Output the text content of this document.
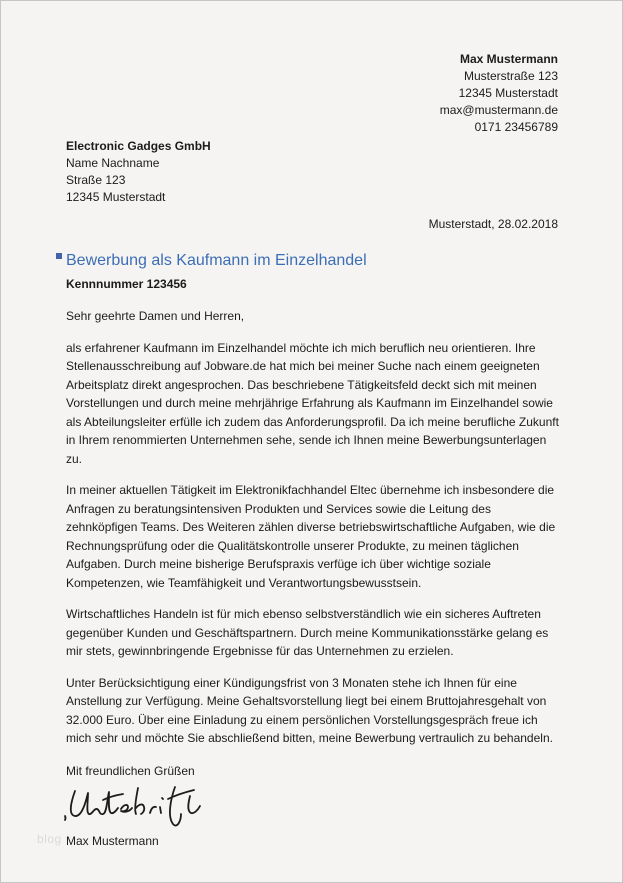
Max Mustermann
Musterstraße 123
12345 Musterstadt
max@mustermann.de
0171 23456789
Electronic Gadges GmbH
Name Nachname
Straße 123
12345 Musterstadt
Musterstadt, 28.02.2018
Bewerbung als Kaufmann im Einzelhandel
Kennnummer 123456

Sehr geehrte Damen und Herren,

als erfahrener Kaufmann im Einzelhandel möchte ich mich beruflich neu orientieren. Ihre Stellenausschreibung auf Jobware.de hat mich bei meiner Suche nach einem geeigneten Arbeitsplatz direkt angesprochen. Das beschriebene Tätigkeitsfeld deckt sich mit meinen Vorstellungen und durch meine mehrjährige Erfahrung als Kaufmann im Einzelhandel sowie als Abteilungsleiter erfülle ich zudem das Anforderungsprofil. Da ich meine berufliche Zukunft in Ihrem renommierten Unternehmen sehe, sende ich Ihnen meine Bewerbungsunterlagen zu.

In meiner aktuellen Tätigkeit im Elektronikfachhandel Eltec übernehme ich insbesondere die Anfragen zu beratungsintensiven Produkten und Services sowie die Leitung des zehnköpfigen Teams. Des Weiteren zählen diverse betriebswirtschaftliche Aufgaben, wie die Rechnungsprüfung oder die Qualitätskontrolle unserer Produkte, zu meinen täglichen Aufgaben. Durch meine bisherige Berufspraxis verfüge ich über wichtige soziale Kompetenzen, wie Teamfähigkeit und Verantwortungsbewusstsein.

Wirtschaftliches Handeln ist für mich ebenso selbstverständlich wie ein sicheres Auftreten gegenüber Kunden und Geschäftspartnern. Durch meine Kommunikationsstärke gelang es mir stets, gewinnbringende Ergebnisse für das Unternehmen zu erzielen.

Unter Berücksichtigung einer Kündigungsfrist von 3 Monaten stehe ich Ihnen für eine Anstellung zur Verfügung. Meine Gehaltsvorstellung liegt bei einem Bruttojahresgehalt von 32.000 Euro. Über eine Einladung zu einem persönlichen Vorstellungsgespräch freue ich mich sehr und möchte Sie abschließend bitten, meine Bewerbung vertraulich zu behandeln.

Mit freundlichen Grüßen
Max Mustermann
blog
